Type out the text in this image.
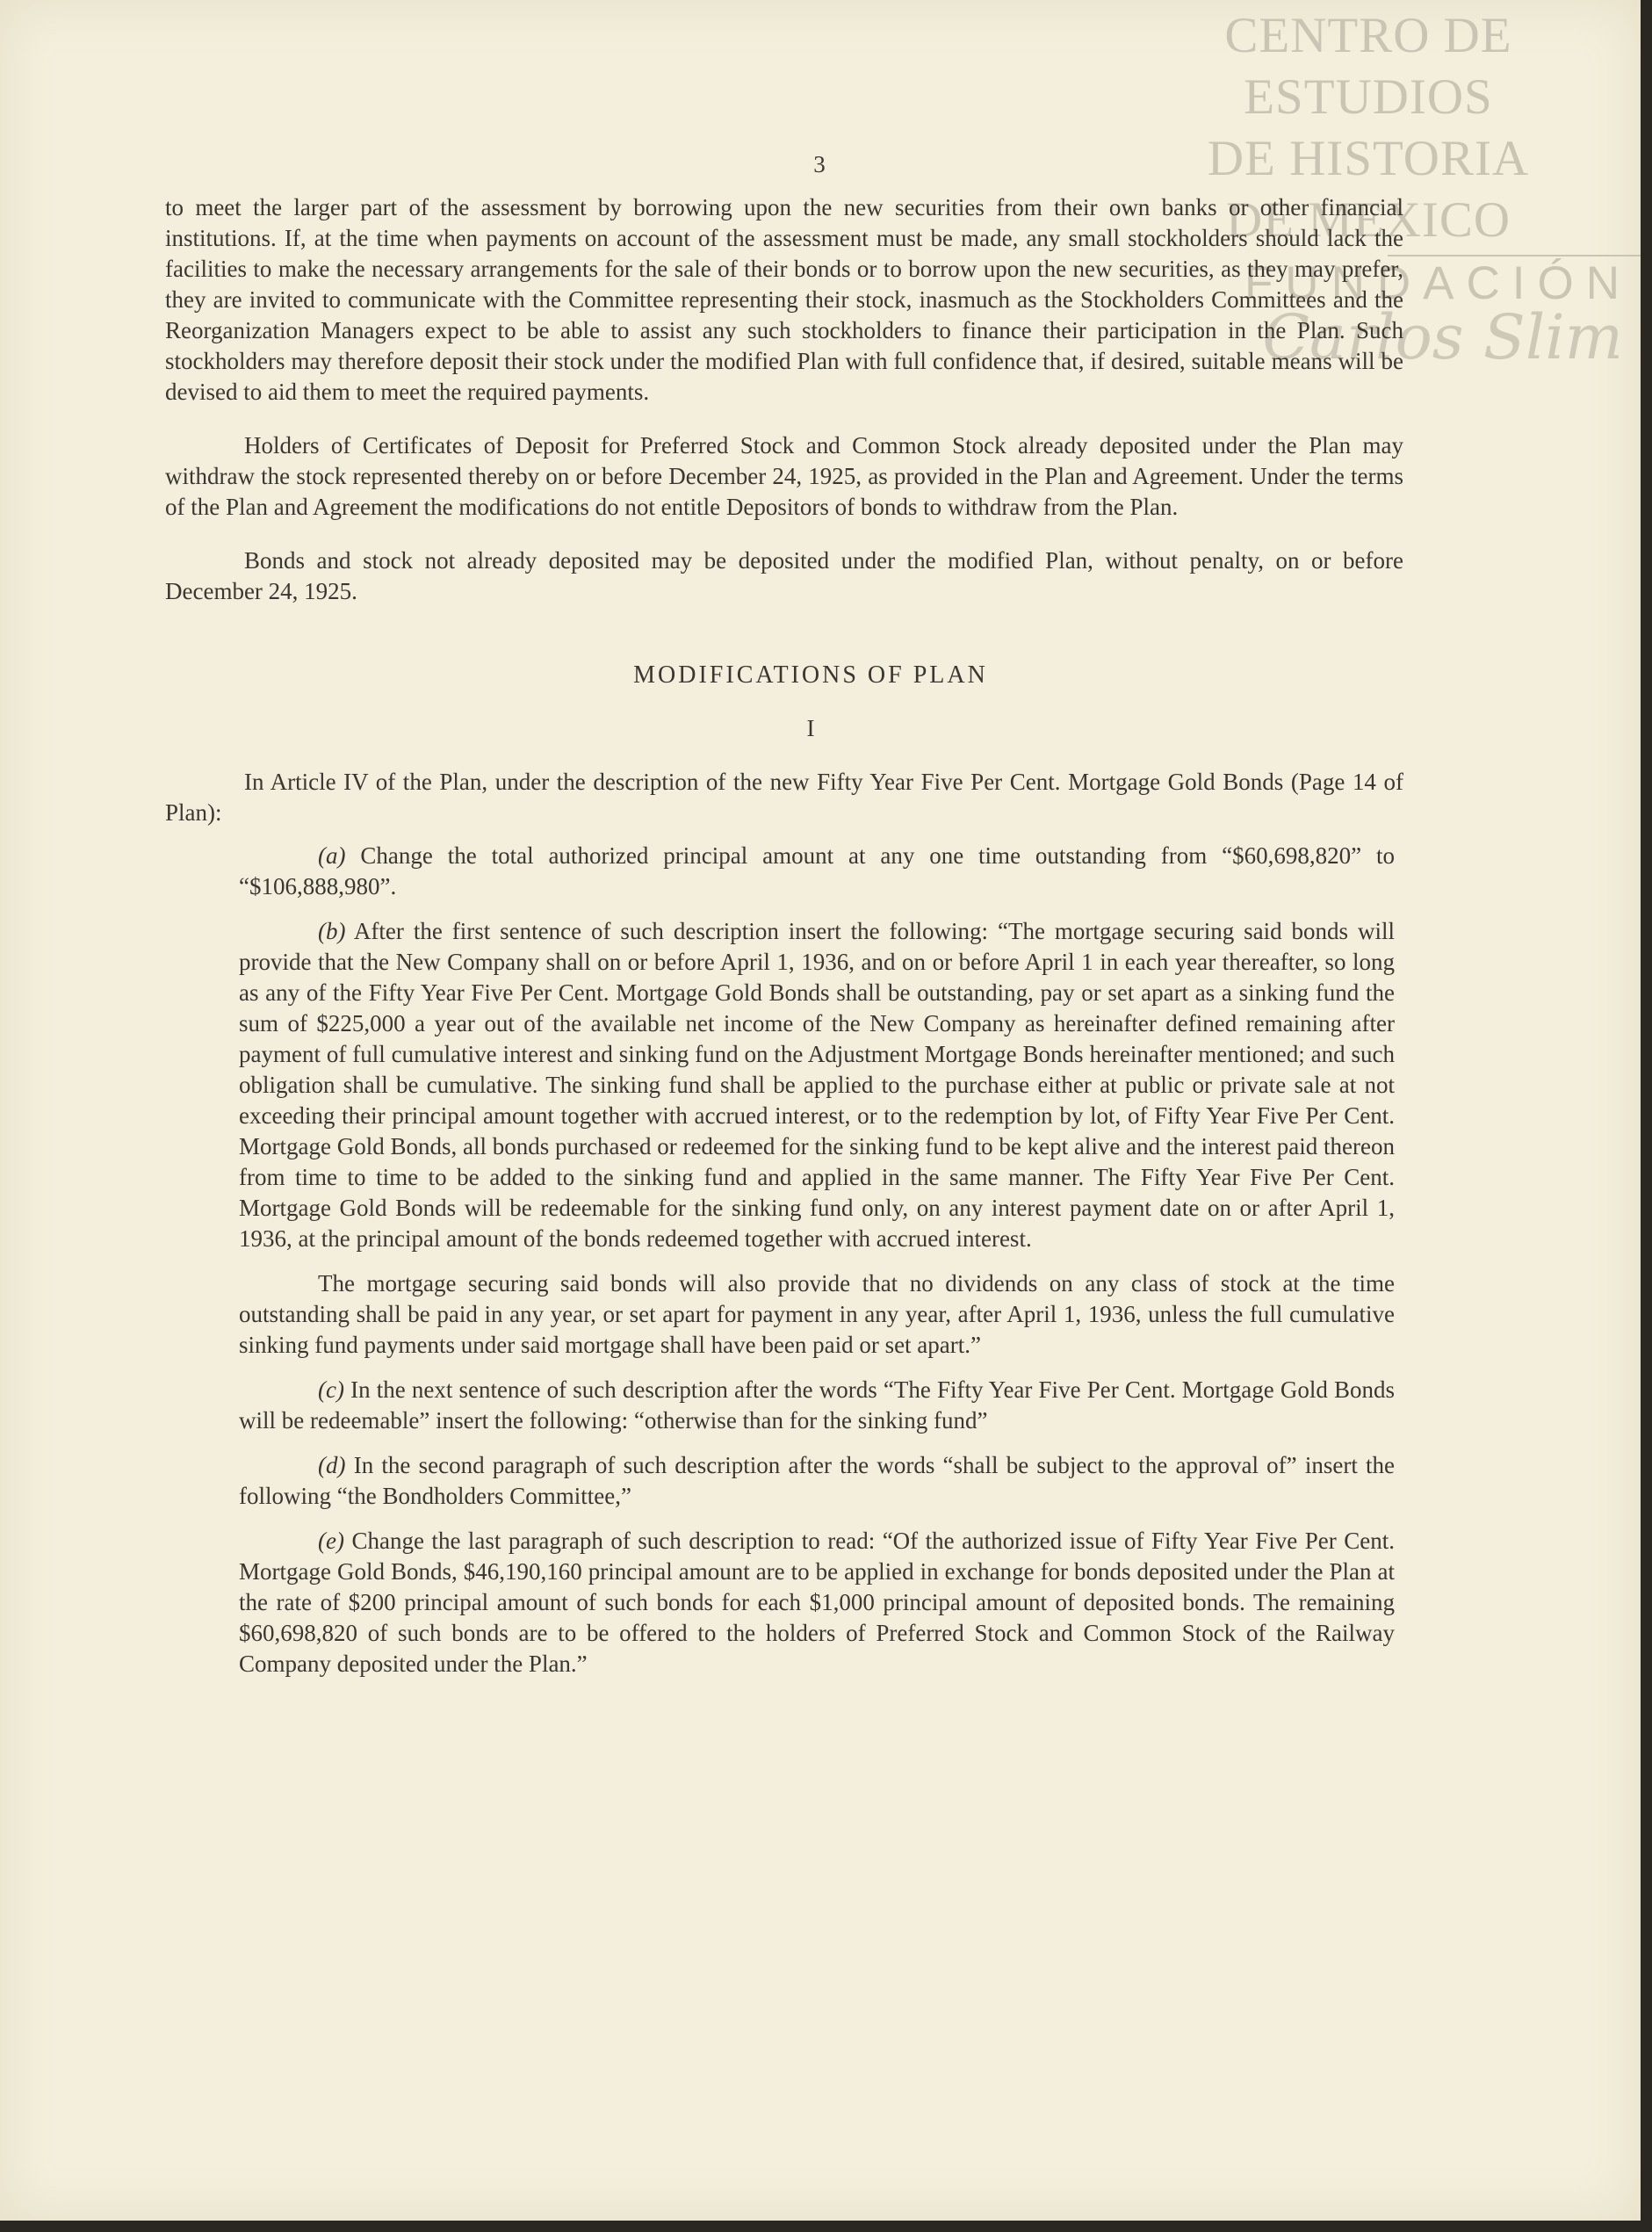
CENTRO DE
ESTUDIOS
DE HISTORIA
DE MEXICO
FUNDACIÓN
Carlos Slim
3

to meet the larger part of the assessment by borrowing upon the new securities from their own banks or other financial institutions. If, at the time when payments on account of the assessment must be made, any small stockholders should lack the facilities to make the necessary arrangements for the sale of their bonds or to borrow upon the new securities, as they may prefer, they are invited to communicate with the Committee representing their stock, inasmuch as the Stockholders Committees and the Reorganization Managers expect to be able to assist any such stockholders to finance their participation in the Plan. Such stockholders may therefore deposit their stock under the modified Plan with full confidence that, if desired, suitable means will be devised to aid them to meet the required payments.

Holders of Certificates of Deposit for Preferred Stock and Common Stock already deposited under the Plan may withdraw the stock represented thereby on or before December 24, 1925, as provided in the Plan and Agreement. Under the terms of the Plan and Agreement the modifications do not entitle Depositors of bonds to withdraw from the Plan.

Bonds and stock not already deposited may be deposited under the modified Plan, without penalty, on or before December 24, 1925.

MODIFICATIONS OF PLAN
I

In Article IV of the Plan, under the description of the new Fifty Year Five Per Cent. Mortgage Gold Bonds (Page 14 of Plan):

(a) Change the total authorized principal amount at any one time outstanding from “$60,698,820” to “$106,888,980”.
(b) After the first sentence of such description insert the following: “The mortgage securing said bonds will provide that the New Company shall on or before April 1, 1936, and on or before April 1 in each year thereafter, so long as any of the Fifty Year Five Per Cent. Mortgage Gold Bonds shall be outstanding, pay or set apart as a sinking fund the sum of $225,000 a year out of the available net income of the New Company as hereinafter defined remaining after payment of full cumulative interest and sinking fund on the Adjustment Mortgage Bonds hereinafter mentioned; and such obligation shall be cumulative. The sinking fund shall be applied to the purchase either at public or private sale at not exceeding their principal amount together with accrued interest, or to the redemption by lot, of Fifty Year Five Per Cent. Mortgage Gold Bonds, all bonds purchased or redeemed for the sinking fund to be kept alive and the interest paid thereon from time to time to be added to the sinking fund and applied in the same manner. The Fifty Year Five Per Cent. Mortgage Gold Bonds will be redeemable for the sinking fund only, on any interest payment date on or after April 1, 1936, at the principal amount of the bonds redeemed together with accrued interest.
The mortgage securing said bonds will also provide that no dividends on any class of stock at the time outstanding shall be paid in any year, or set apart for payment in any year, after April 1, 1936, unless the full cumulative sinking fund payments under said mortgage shall have been paid or set apart.”
(c) In the next sentence of such description after the words “The Fifty Year Five Per Cent. Mortgage Gold Bonds will be redeemable” insert the following: “otherwise than for the sinking fund”
(d) In the second paragraph of such description after the words “shall be subject to the approval of” insert the following “the Bondholders Committee,”
(e) Change the last paragraph of such description to read: “Of the authorized issue of Fifty Year Five Per Cent. Mortgage Gold Bonds, $46,190,160 principal amount are to be applied in exchange for bonds deposited under the Plan at the rate of $200 principal amount of such bonds for each $1,000 principal amount of deposited bonds. The remaining $60,698,820 of such bonds are to be offered to the holders of Preferred Stock and Common Stock of the Railway Company deposited under the Plan.”
